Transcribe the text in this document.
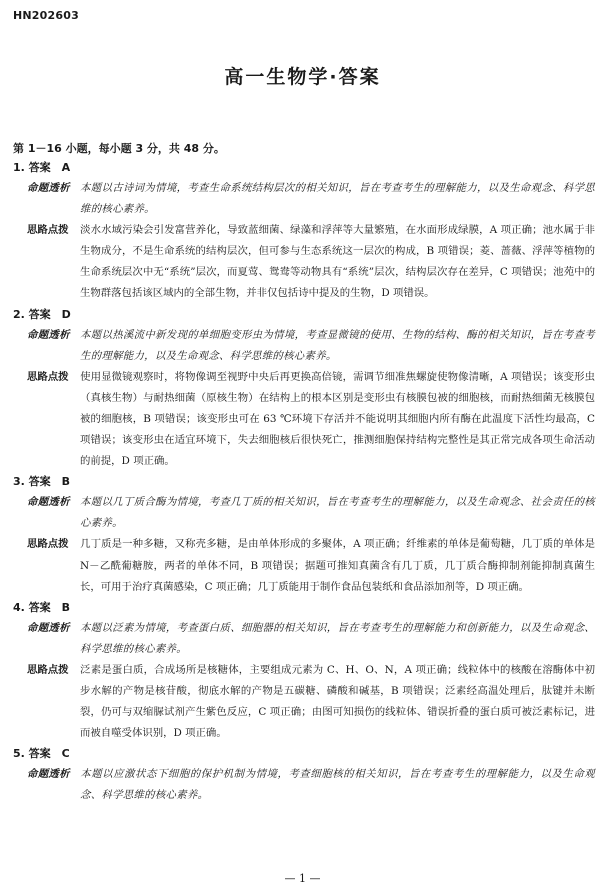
HN202603
高一生物学·答案
第 1－16 小题，每小题 3 分，共 48 分。
1. 答案　A
命题透析 本题以古诗词为情境，考查生命系统结构层次的相关知识，旨在考查考生的理解能力，以及生命观念、科学思维的核心素养。
思路点拨 淡水水域污染会引发富营养化，导致蓝细菌、绿藻和浮萍等大量繁殖，在水面形成绿膜，A 项正确；池水属于非生物成分，不是生命系统的结构层次，但可参与生态系统这一层次的构成，B 项错误；菱、蔷薇、浮萍等植物的生命系统层次中无“系统”层次，而夏莺、鸳鸯等动物具有“系统”层次，结构层次存在差异，C 项错误；池苑中的生物群落包括该区域内的全部生物，并非仅包括诗中提及的生物，D 项错误。
2. 答案　D
命题透析 本题以热溪流中新发现的单细胞变形虫为情境，考查显微镜的使用、生物的结构、酶的相关知识，旨在考查考生的理解能力，以及生命观念、科学思维的核心素养。
思路点拨 使用显微镜观察时，将物像调至视野中央后再更换高倍镜，需调节细准焦螺旋使物像清晰，A 项错误；该变形虫（真核生物）与耐热细菌（原核生物）在结构上的根本区别是变形虫有核膜包被的细胞核，而耐热细菌无核膜包被的细胞核，B 项错误；该变形虫可在 63 ℃环境下存活并不能说明其细胞内所有酶在此温度下活性均最高，C 项错误；该变形虫在适宜环境下，失去细胞核后很快死亡，推测细胞保持结构完整性是其正常完成各项生命活动的前提，D 项正确。
3. 答案　B
命题透析 本题以几丁质合酶为情境，考查几丁质的相关知识，旨在考查考生的理解能力，以及生命观念、社会责任的核心素养。
思路点拨 几丁质是一种多糖，又称壳多糖，是由单体形成的多聚体，A 项正确；纤维素的单体是葡萄糖，几丁质的单体是 N－乙酰葡糖胺，两者的单体不同，B 项错误；据题可推知真菌含有几丁质，几丁质合酶抑制剂能抑制真菌生长，可用于治疗真菌感染，C 项正确；几丁质能用于制作食品包装纸和食品添加剂等，D 项正确。
4. 答案　B
命题透析 本题以泛素为情境，考查蛋白质、细胞器的相关知识，旨在考查考生的理解能力和创新能力，以及生命观念、科学思维的核心素养。
思路点拨 泛素是蛋白质，合成场所是核糖体，主要组成元素为 C、H、O、N，A 项正确；线粒体中的核酸在溶酶体中初步水解的产物是核苷酸，彻底水解的产物是五碳糖、磷酸和碱基，B 项错误；泛素经高温处理后，肽键并未断裂，仍可与双缩脲试剂产生紫色反应，C 项正确；由图可知损伤的线粒体、错误折叠的蛋白质可被泛素标记，进而被自噬受体识别，D 项正确。
5. 答案　C
命题透析 本题以应激状态下细胞的保护机制为情境，考查细胞核的相关知识，旨在考查考生的理解能力，以及生命观念、科学思维的核心素养。
— 1 —
